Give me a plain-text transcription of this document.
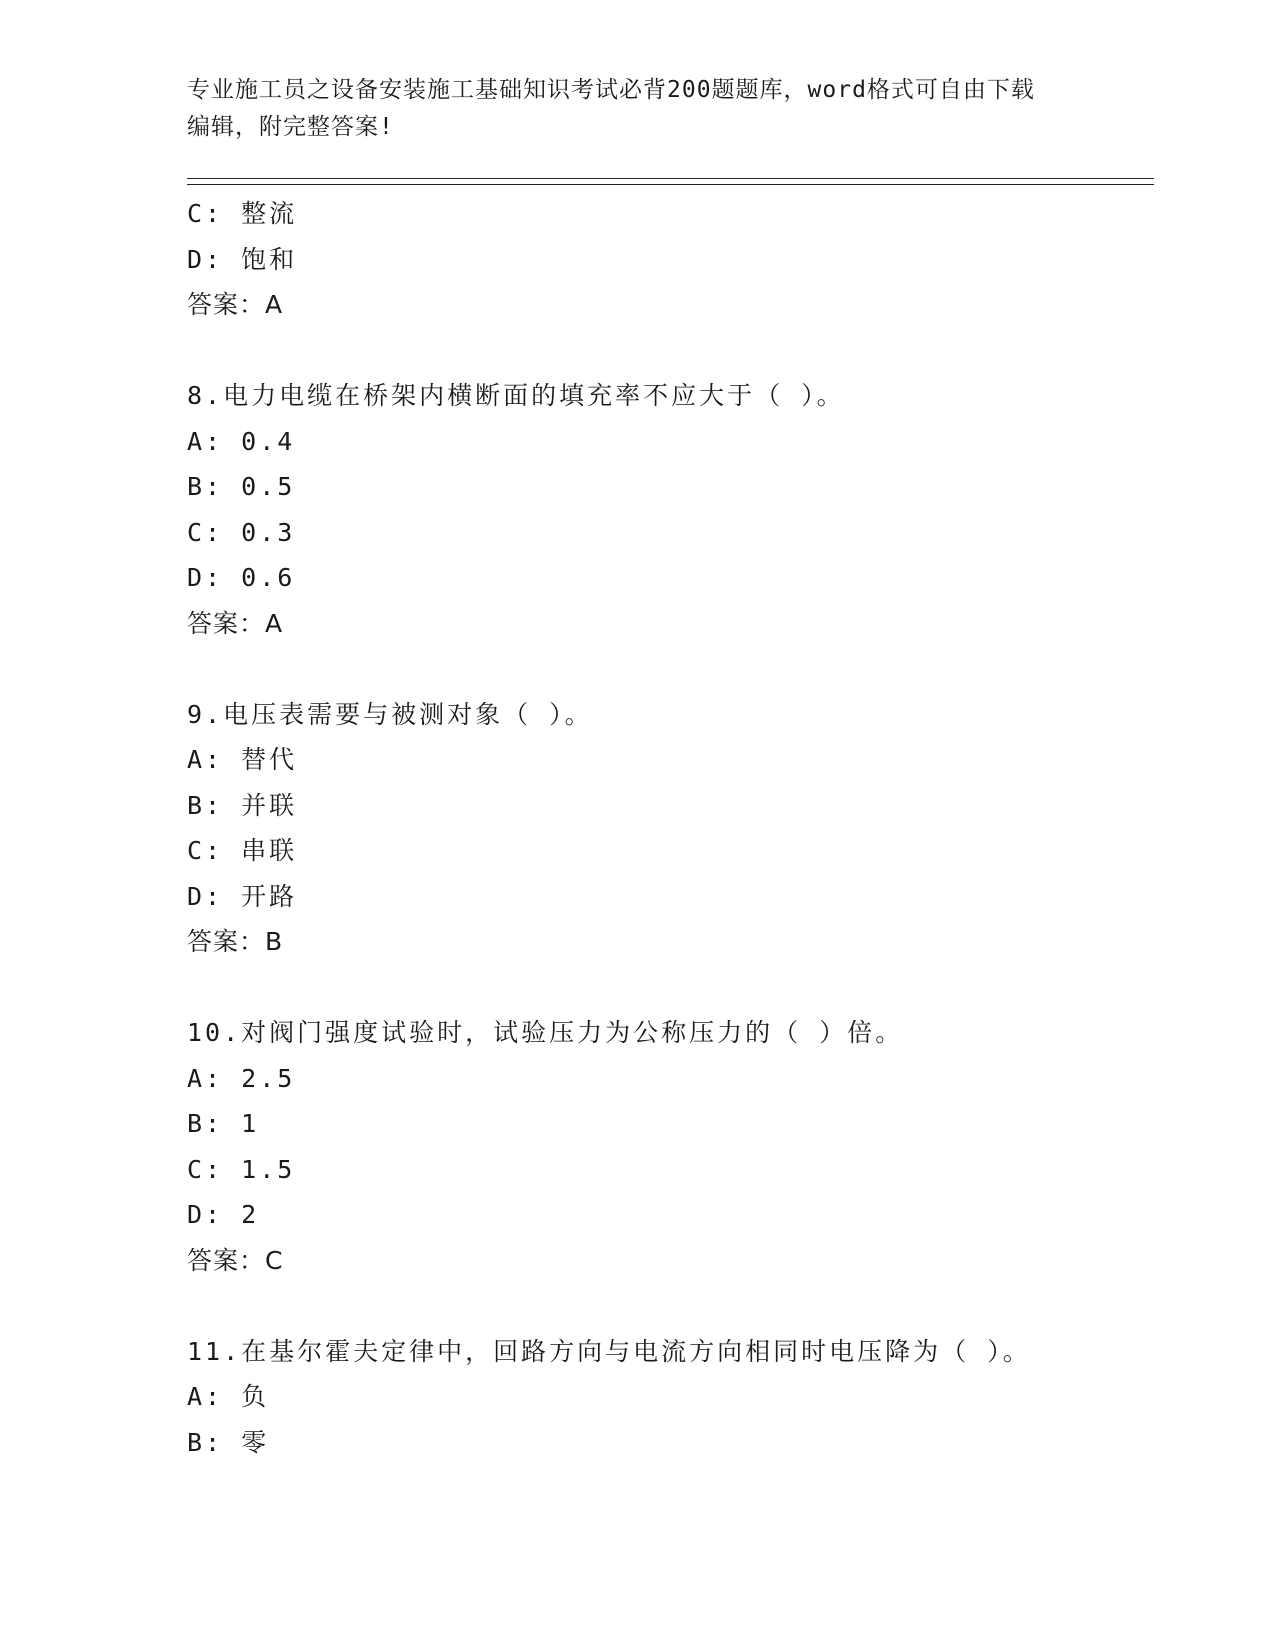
专业施工员之设备安装施工基础知识考试必背200题题库，word格式可自由下载
编辑，附完整答案!
C: 整流
D: 饱和
答案：A
8.电力电缆在桥架内横断面的填充率不应大于（ ）。
A: 0.4
B: 0.5
C: 0.3
D: 0.6
答案：A
9.电压表需要与被测对象（ ）。
A: 替代
B: 并联
C: 串联
D: 开路
答案：B
10.对阀门强度试验时，试验压力为公称压力的（ ）倍。
A: 2.5
B: 1
C: 1.5
D: 2
答案：C
11.在基尔霍夫定律中，回路方向与电流方向相同时电压降为（ ）。
A: 负
B: 零
